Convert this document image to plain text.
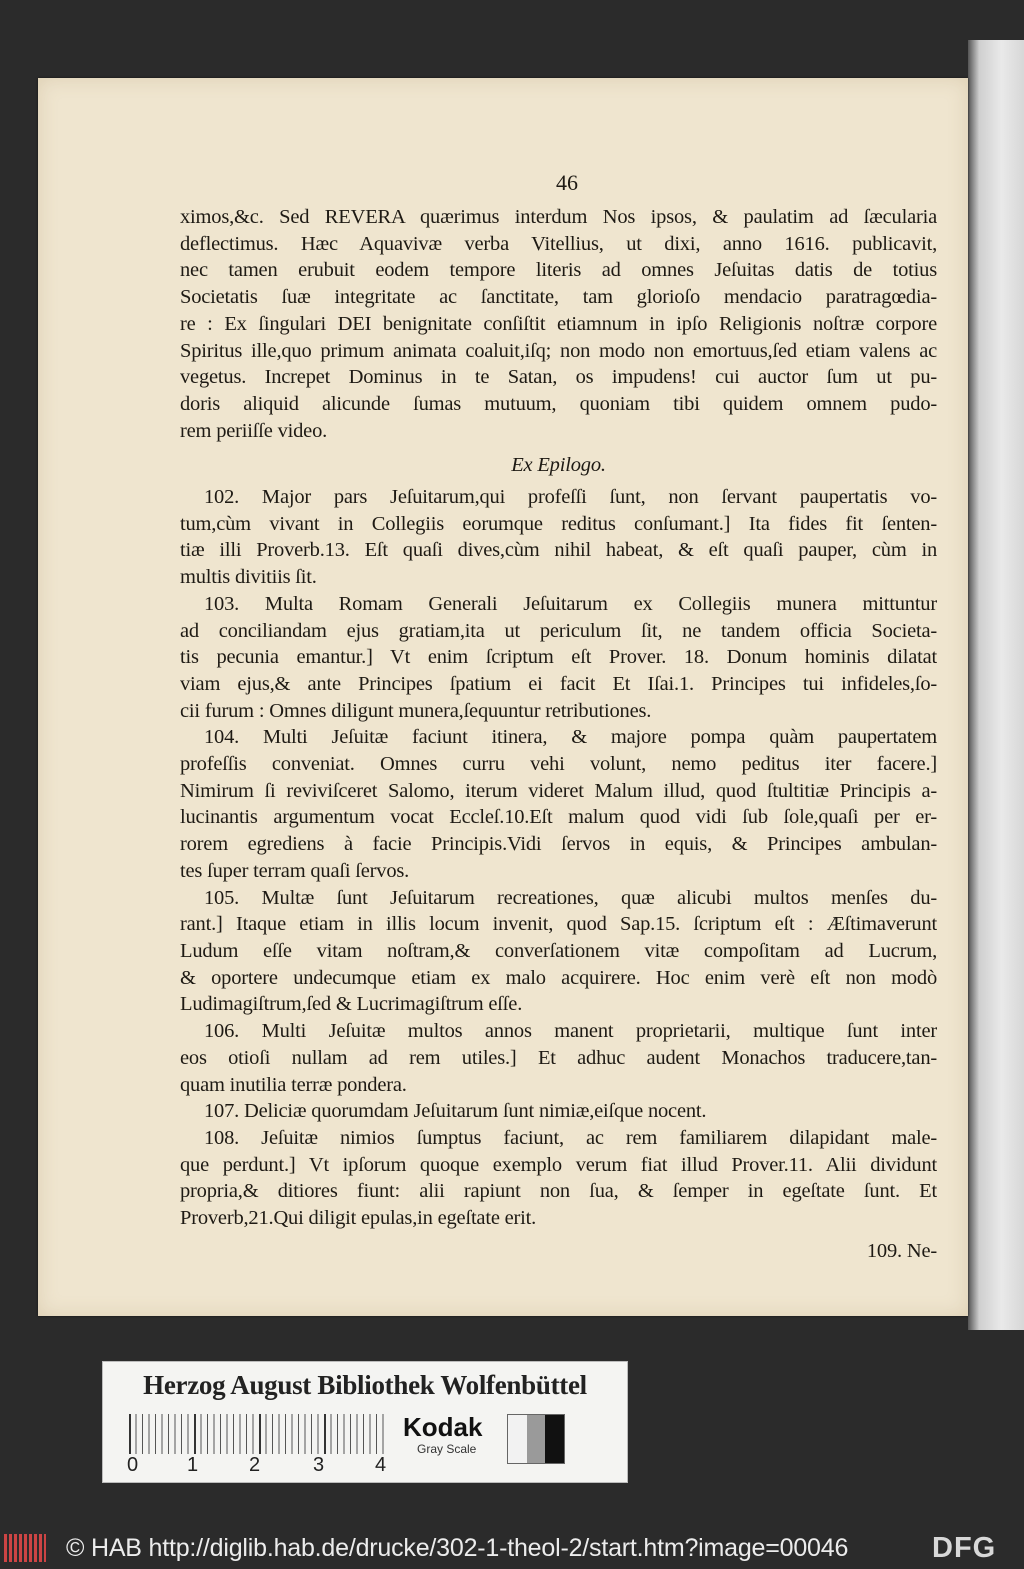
46
ximos,&c. Sed REVERA quærimus interdum Nos ipsos, & paulatim ad ſæcularia
deflectimus. Hæc Aquavivæ verba Vitellius, ut dixi, anno 1616. publicavit,
nec tamen erubuit eodem tempore literis ad omnes Jeſuitas datis de totius
Societatis ſuæ integritate ac ſanctitate, tam glorioſo mendacio paratragœdia-
re : Ex ſingulari DEI benignitate conſiſtit etiamnum in ipſo Religionis noſtræ corpore
Spiritus ille,quo primum animata coaluit,iſq; non modo non emortuus,ſed etiam valens ac
vegetus. Increpet Dominus in te Satan, os impudens! cui auctor ſum ut pu-
doris aliquid alicunde ſumas mutuum, quoniam tibi quidem omnem pudo-
rem periiſſe video.
Ex Epilogo.
102. Major pars Jeſuitarum,qui profeſſi ſunt, non ſervant paupertatis vo-
tum,cùm vivant in Collegiis eorumque reditus conſumant.] Ita fides fit ſenten-
tiæ illi Proverb.13. Eſt quaſi dives,cùm nihil habeat, & eſt quaſi pauper, cùm in
multis divitiis ſit.
103. Multa Romam Generali Jeſuitarum ex Collegiis munera mittuntur
ad conciliandam ejus gratiam,ita ut periculum ſit, ne tandem officia Societa-
tis pecunia emantur.] Vt enim ſcriptum eſt Prover. 18. Donum hominis dilatat
viam ejus,& ante Principes ſpatium ei facit Et Iſai.1. Principes tui infideles,ſo-
cii furum : Omnes diligunt munera,ſequuntur retributiones.
104. Multi Jeſuitæ faciunt itinera, & majore pompa quàm paupertatem
profeſſis conveniat. Omnes curru vehi volunt, nemo peditus iter facere.]
Nimirum ſi reviviſceret Salomo, iterum videret Malum illud, quod ſtultitiæ Principis a-
lucinantis argumentum vocat Eccleſ.10.Eſt malum quod vidi ſub ſole,quaſi per er-
rorem egrediens à facie Principis.Vidi ſervos in equis, & Principes ambulan-
tes ſuper terram quaſi ſervos.
105. Multæ ſunt Jeſuitarum recreationes, quæ alicubi multos menſes du-
rant.] Itaque etiam in illis locum invenit, quod Sap.15. ſcriptum eſt : Æſtimaverunt
Ludum eſſe vitam noſtram,& converſationem vitæ compoſitam ad Lucrum,
& oportere undecumque etiam ex malo acquirere. Hoc enim verè eſt non modò
Ludimagiſtrum,ſed & Lucrimagiſtrum eſſe.
106. Multi Jeſuitæ multos annos manent proprietarii, multique ſunt inter
eos otioſi nullam ad rem utiles.] Et adhuc audent Monachos traducere,tan-
quam inutilia terræ pondera.
107. Deliciæ quorumdam Jeſuitarum ſunt nimiæ,eiſque nocent.
108. Jeſuitæ nimios ſumptus faciunt, ac rem familiarem dilapidant male-
que perdunt.] Vt ipſorum quoque exemplo verum fiat illud Prover.11. Alii dividunt
propria,& ditiores fiunt: alii rapiunt non ſua, & ſemper in egeſtate ſunt. Et
Proverb,21.Qui diligit epulas,in egeſtate erit.
109. Ne-
Herzog August Bibliothek Wolfenbüttel
0 1	2	3	4
Kodak
Gray Scale
© HAB http://diglib.hab.de/drucke/302-1-theol-2/start.htm?image=00046	DFG
